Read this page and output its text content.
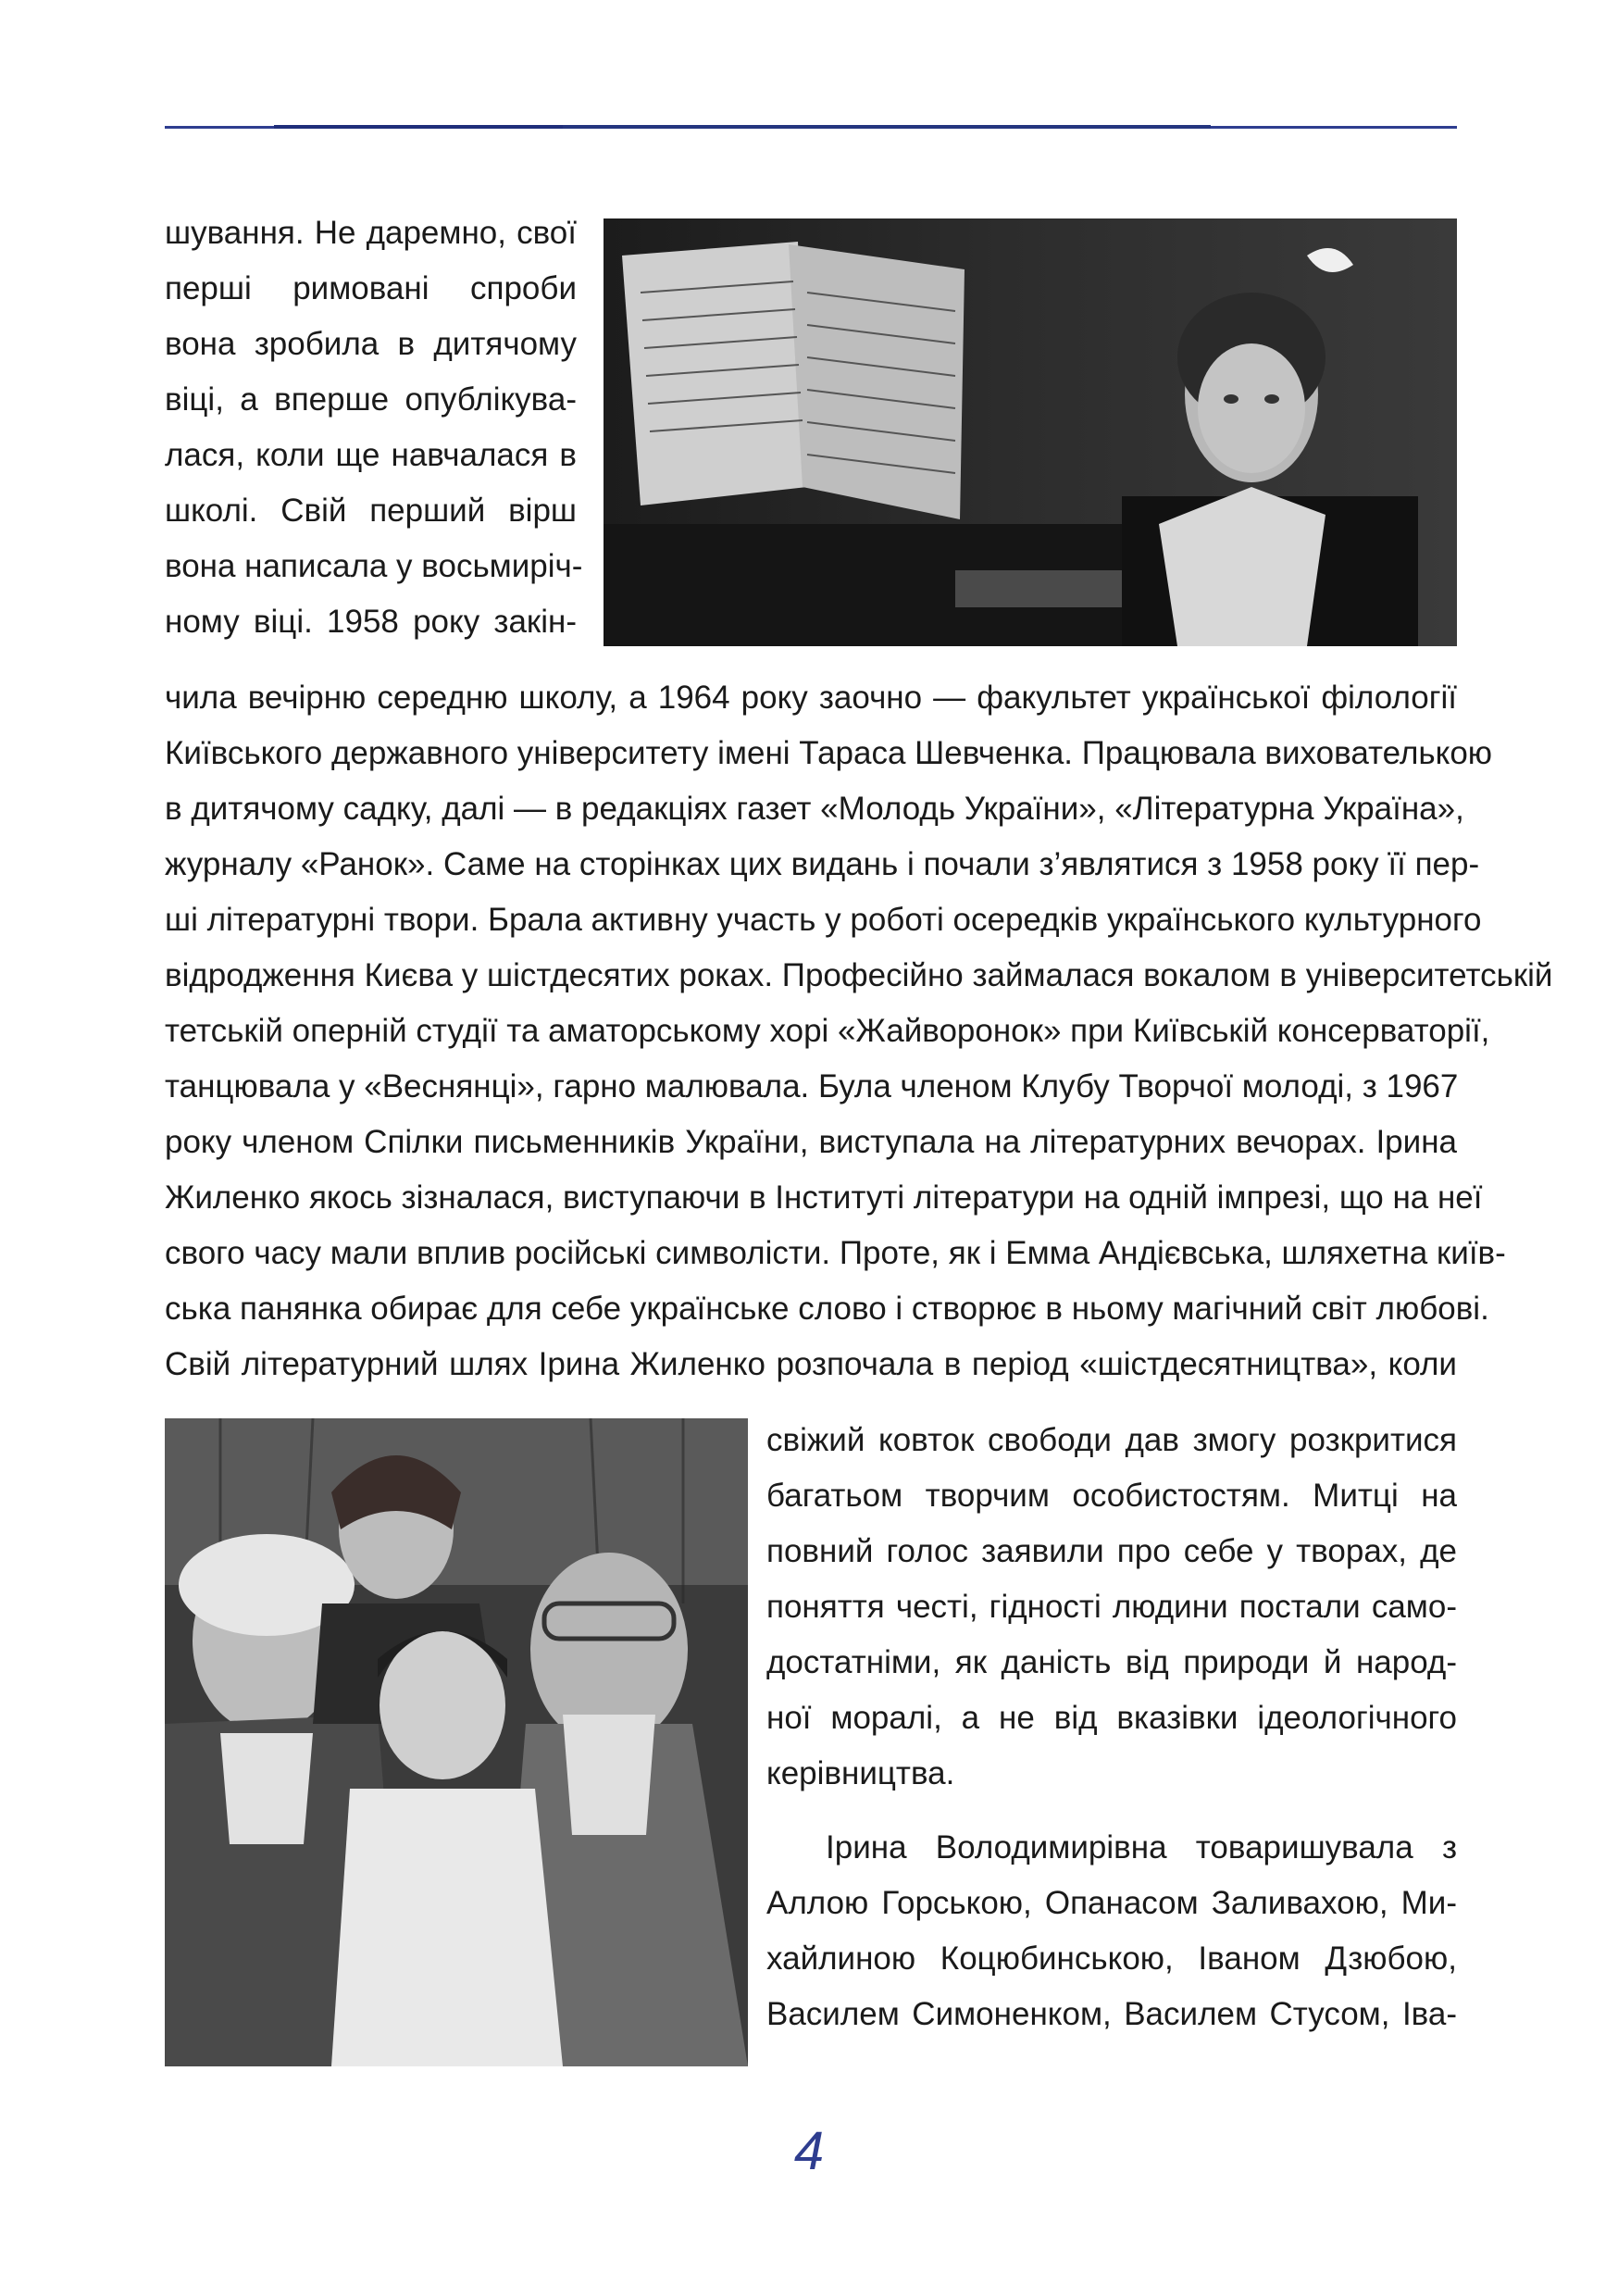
шування. Не даремно, свої

перші римовані спроби

вона зробила в дитячому

віці, а вперше опублікува-

лася, коли ще навчалася в

школі. Свій перший вірш

вона написала у восьмиріч-

ному віці. 1958 року закін-

чила вечірню середню школу, а 1964 року заочно — факультет української філології

Київського державного університету імені Тараса Шевченка. Працювала вихователькою

в дитячому садку, далі — в редакціях газет «Молодь України», «Літературна Україна»,

журналу «Ранок». Саме на сторінках цих видань і почали з’являтися з 1958 року її пер-

ші літературні твори. Брала активну участь у роботі осередків українського культурного

відродження Києва у шістдесятих роках. Професійно займалася вокалом в університетській

тетській оперній студії та аматорському хорі «Жайворонок» при Київській консерваторії,

танцювала у «Веснянці», гарно малювала. Була членом Клубу Творчої молоді, з 1967

року членом Спілки письменників України, виступала на літературних вечорах. Ірина

Жиленко якось зізналася, виступаючи в Інституті літератури на одній імпрезі, що на неї

свого часу мали вплив російські символісти. Проте, як і Емма Андієвська, шляхетна київ-

ська панянка обирає для себе українське слово і створює в ньому магічний світ любові.

Свій літературний шлях Ірина Жиленко розпочала в період «шістдесятництва», коли

свіжий ковток свободи дав змогу розкритися

багатьом творчим особистостям. Митці на

повний голос заявили про себе у творах, де

поняття честі, гідності людини постали само-

достатніми, як даність від природи й народ-

ної моралі, а не від вказівки ідеологічного

керівництва.

Ірина Володимирівна товаришувала з

Аллою Горською, Опанасом Заливахою, Ми-

хайлиною Коцюбинською, Іваном Дзюбою,

Василем Симоненком, Василем Стусом, Іва-

4
